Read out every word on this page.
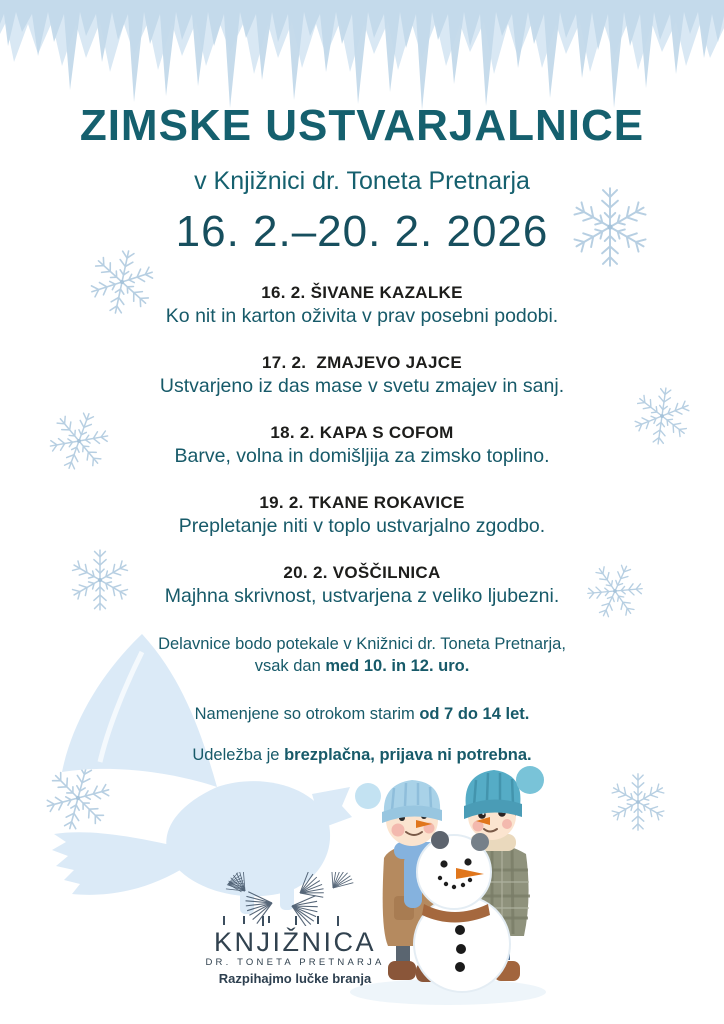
ZIMSKE USTVARJALNICE
v Knjižnici dr. Toneta Pretnarja
16. 2.–20. 2. 2026
16. 2. ŠIVANE KAZALKE

Ko nit in karton oživita v prav posebni podobi.

17. 2.  ZMAJEVO JAJCE

Ustvarjeno iz das mase v svetu zmajev in sanj.

18. 2. KAPA S COFOM

Barve, volna in domišljija za zimsko toplino.

19. 2. TKANE ROKAVICE

Prepletanje niti v toplo ustvarjalno zgodbo.

20. 2. VOŠČILNICA

Majhna skrivnost, ustvarjena z veliko ljubezni.

Delavnice bodo potekale v Knižnici dr. Toneta Pretnarja,
vsak dan med 10. in 12. uro.

Namenjene so otrokom starim od 7 do 14 let.

Udeležba je brezplačna, prijava ni potrebna.

KNJIŽNICA
DR. TONETA PRETNARJA
Razpihajmo lučke branja
